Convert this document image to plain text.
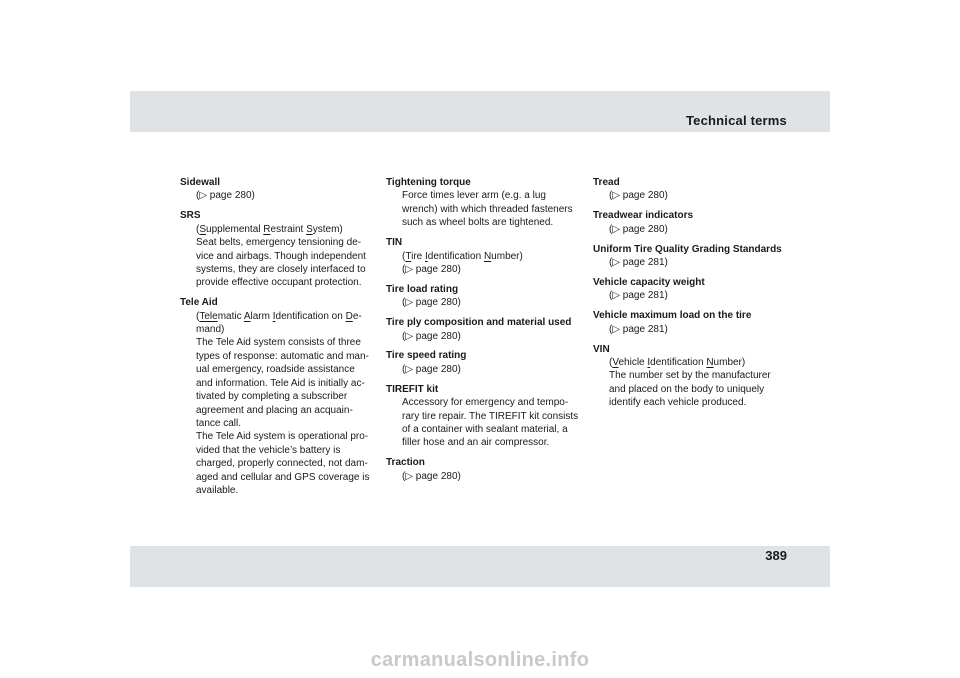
Technical terms
Sidewall
(▷ page 280)
SRS
(Supplemental Restraint System)
Seat belts, emergency tensioning de-
vice and airbags. Though independent
systems, they are closely interfaced to
provide effective occupant protection.
Tele Aid
(Telematic Alarm Identification on De-
mand)
The Tele Aid system consists of three
types of response: automatic and man-
ual emergency, roadside assistance
and information. Tele Aid is initially ac-
tivated by completing a subscriber
agreement and placing an acquain-
tance call.
The Tele Aid system is operational pro-
vided that the vehicle’s battery is
charged, properly connected, not dam-
aged and cellular and GPS coverage is
available.
Tightening torque
Force times lever arm (e.g. a lug
wrench) with which threaded fasteners
such as wheel bolts are tightened.
TIN
(Tire Identification Number)
(▷ page 280)
Tire load rating
(▷ page 280)
Tire ply composition and material used
(▷ page 280)
Tire speed rating
(▷ page 280)
TIREFIT kit
Accessory for emergency and tempo-
rary tire repair. The TIREFIT kit consists
of a container with sealant material, a
filler hose and an air compressor.
Traction
(▷ page 280)
Tread
(▷ page 280)
Treadwear indicators
(▷ page 280)
Uniform Tire Quality Grading Standards
(▷ page 281)
Vehicle capacity weight
(▷ page 281)
Vehicle maximum load on the tire
(▷ page 281)
VIN
(Vehicle Identification Number)
The number set by the manufacturer
and placed on the body to uniquely
identify each vehicle produced.
389
carmanualsonline.info
